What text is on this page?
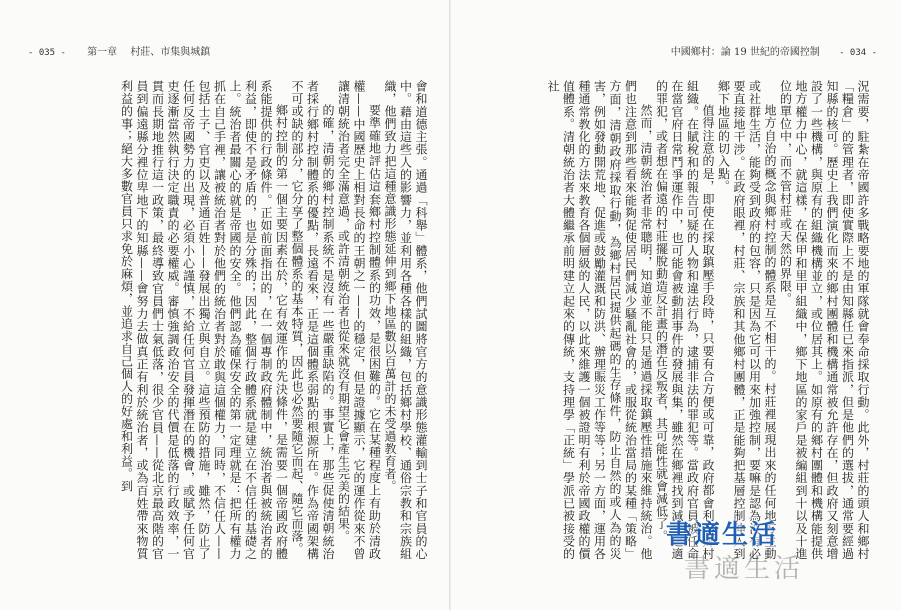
- 035 - 第一章 村莊、市集與城鎮

會和道德主張。通過「科舉」體系，他們試圖將官方的意識形態灌輸到士子和官員的心中。藉由這些人的影響力，並利用各種各樣的組織，包括鄉村學校、通俗宗教和宗族組織，他們致力把這種意識形態延伸到鄉下地區數以百萬計的未受過教育者。

要準確地評估這套鄉村控制體系的功效，是很困難的。它在某種程度上有助於清政權——中國歷史上相對長命的王朝之一——的穩定，但是證據顯示，它的運作從來不曾讓清朝統治者完全滿意過，或許清朝統治者也從來就沒有期望它會產生完美的結果。

的確，清朝的鄉村控制系統不是沒有一些嚴重缺陷的。事實上，那些促使清朝統治者採行鄉村控制體系的優點，長遠看來，正是這個體系弱點的根源所在。作為帝國架構不可或缺的部分，它分享了整個體系的基本特質，因此也必然要隨它而起、隨它而落。

鄉村控制的第一個主要因素在於，它有效運作的先決條件，是需要一個帝國政府體系能提供的行政條件。正如前面指出的，在一個專制政府體制中，統治者與被統治者的利益，即使不是矛盾的，也是分殊的；因此，整個行政體系就是建立在不信任的基礎之上。統治者最關心的就是帝國的安全。他們認為確保安全的第一定理就是：把所有權力抓在自己手裡，讓被統治者對於他們的統治者對於敢與這個權力，同時，不信任人——包括士子、官吏以及普通百姓——發展出獨立與自立。這些預防的措施，雖然，防止了任何反帝國勢力的出現，必須小心謹慎，不給任何官員發揮潛在的機會，或賦予任何官吏逐漸當然執行決定職責的必要權威。審慎強調政治安全的代價是低落的行政效率，一貫而長期地推行這一政策，最終導致官員們士氣低落，很少官員——從北京最高階的官員到偏遠縣分裡位卑地下的知縣——會努力去做真正有利於統治者，或為百姓帶來物質利益的事；絕大多數官員只求免於麻煩，並追求自己個人的好處和利益。到

中國鄉村：論 19 世紀的帝國控制 - 034 -

況需要，駐紮在帝國許多戰略要地的軍隊就會奉命採取行動。此外，村莊的頭人和鄉村「糧倉」的管理者，即使實際上不是由知縣任已來指派，但是他們的選拔，通常要經過知縣的核可。歷史上我們演化而來的鄉村團體和機構通常被允許存在，但政府又刻意增設了一些機構，與原有的組織機構並立，或位居其上。如原有的鄉村團體和機構能提供地方權力中心，就這樣，在保甲和里甲組織中，鄉下地區的家戶是被編組到十以及十進位的單位中，而不管村莊或天然的界限。

地方自治的概念與鄉村控制的體系是互不相干的。村莊裡展現出來的任何地方主動或社群生活，能夠受到政府的包容，只是因為它可以用來加強控制，要嘛是認為沒有必要直接地干涉。在政府眼裡，村莊、宗族和其他鄉村團體，正是能夠把基層控制伸入到鄉下地區的切入點。

值得注意的是，即使在採取鎮壓手段時，只要有合方便或可靠，政府都會利用鄉村組織。在賦稅和的報告可疑的人物和違法行為，逮捕非法的罪犯等。當政府官員被任命在當官府日常鬥爭運作中，也可能會被動捐事件的發展與集，雖然在鄉裡找到減少之適的罪犯，或者想在偏遠的村莊擺脫動造反計畫的潛在反叛者，其可能性就會減低了。

然而，清朝統治者非常聰明，知道並不能只是通過採取鎮壓性措施來維持統治。他們也注意到那些看來能夠促使居民們減少騷亂社會的，或服從統治當局的某種「策略」方面，清朝政府採取行動，為鄉村居民提供起碼的生存條件，防止自然的或人為的災害，例如發動開荒地、促進或鼓勵灌溉和防洪、辦理賑災工作等等；另一方面，運用各種通常教化的方法來教育各個層級的人民，以此來維護一個被證明有利於帝國政權的價值體系。清朝統治者大體繼承前明建立起來的傳統，支持理學「正統」學派已被接受的社

書適生活
書適生活
